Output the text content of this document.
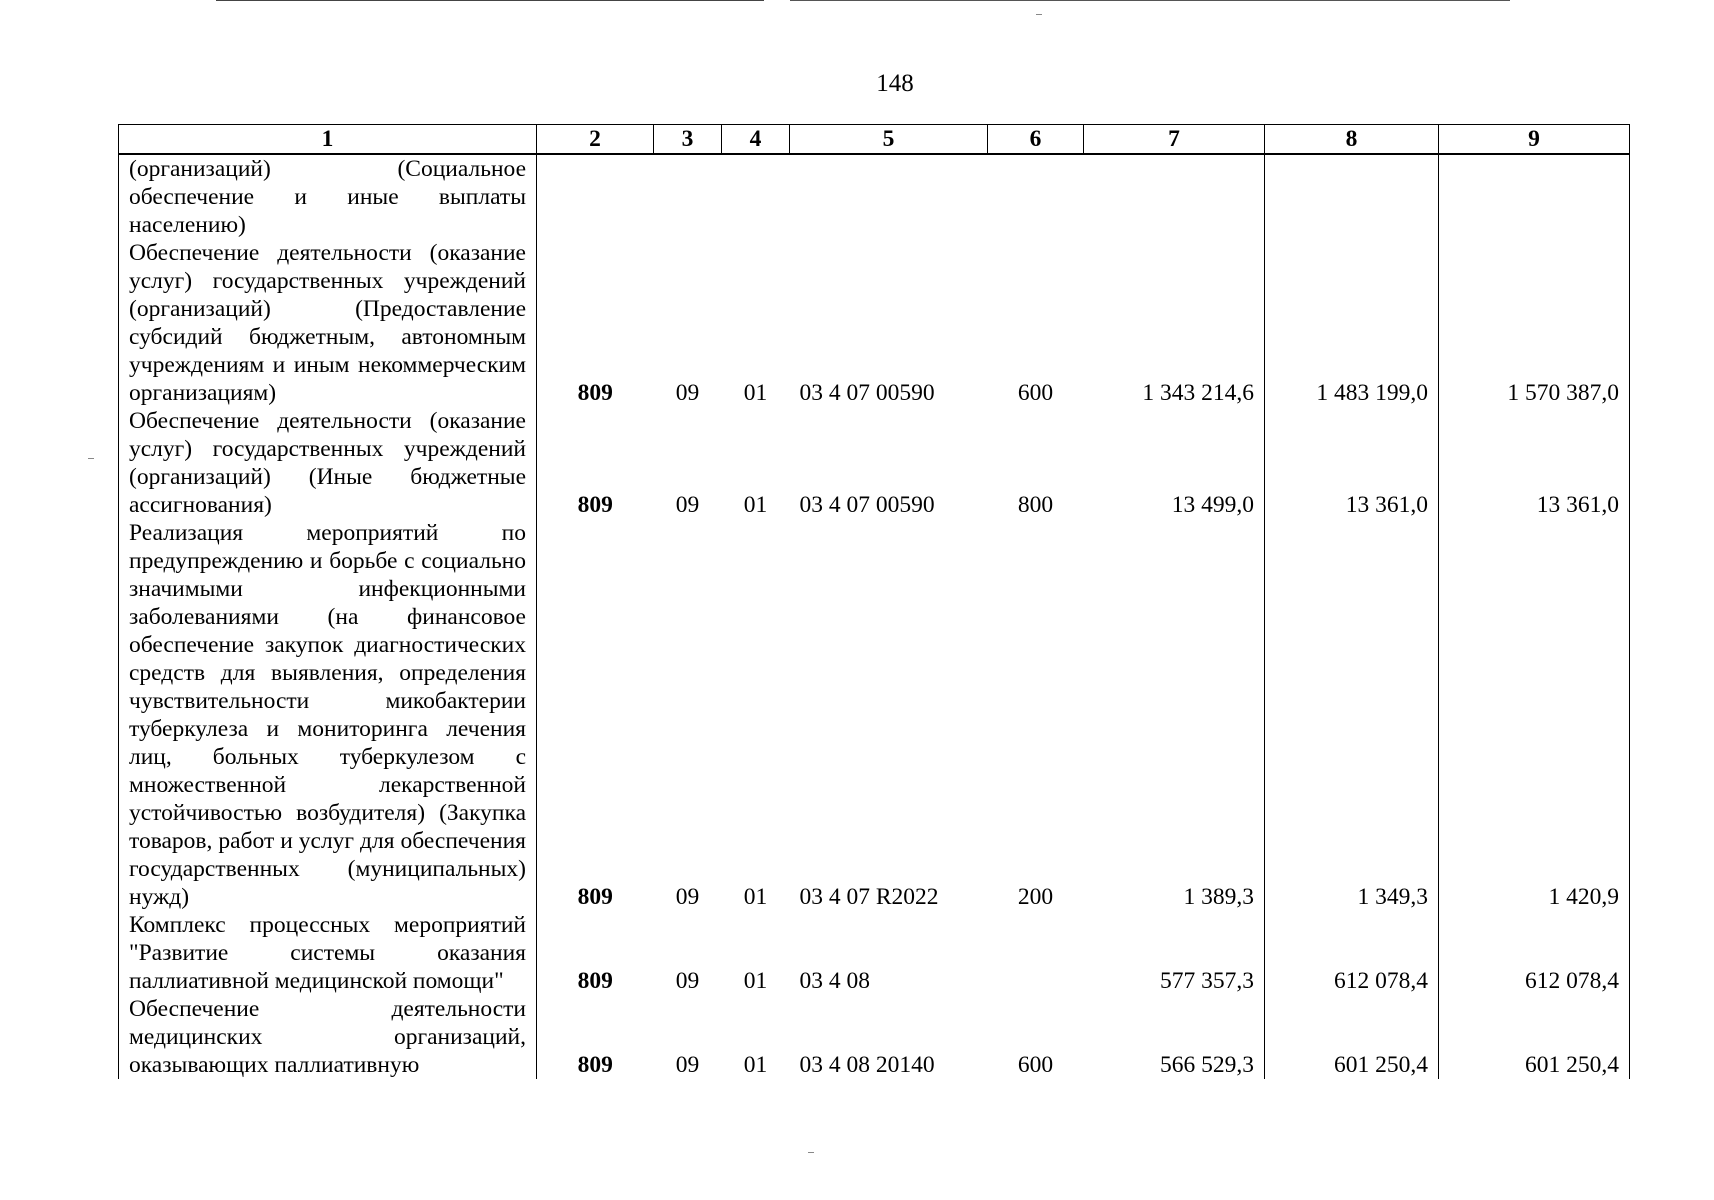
148
1	2	3	4	5	6	7	8	9
(организаций) (Социальное обеспечение и иные выплаты населению)								
Обеспечение деятельности (оказание услуг) государственных учреждений (организаций) (Предоставление субсидий бюджетным, автономным учреждениям и иным некоммерческим организациям)	809	09	01	03 4 07 00590	600	1 343 214,6	1 483 199,0	1 570 387,0
Обеспечение деятельности (оказание услуг) государственных учреждений (организаций) (Иные бюджетные ассигнования)	809	09	01	03 4 07 00590	800	13 499,0	13 361,0	13 361,0
Реализация мероприятий по предупреждению и борьбе с социально значимыми инфекционными заболеваниями (на финансовое обеспечение закупок диагностических средств для выявления, определения чувствительности микобактерии туберкулеза и мониторинга лечения лиц, больных туберкулезом с множественной лекарственной устойчивостью возбудителя) (Закупка товаров, работ и услуг для обеспечения государственных (муниципальных) нужд)	809	09	01	03 4 07 R2022	200	1 389,3	1 349,3	1 420,9
Комплекс процессных мероприятий "Развитие системы оказания паллиативной медицинской помощи"	809	09	01	03 4 08		577 357,3	612 078,4	612 078,4
Обеспечение деятельности медицинских организаций, оказывающих паллиативную	809	09	01	03 4 08 20140	600	566 529,3	601 250,4	601 250,4
